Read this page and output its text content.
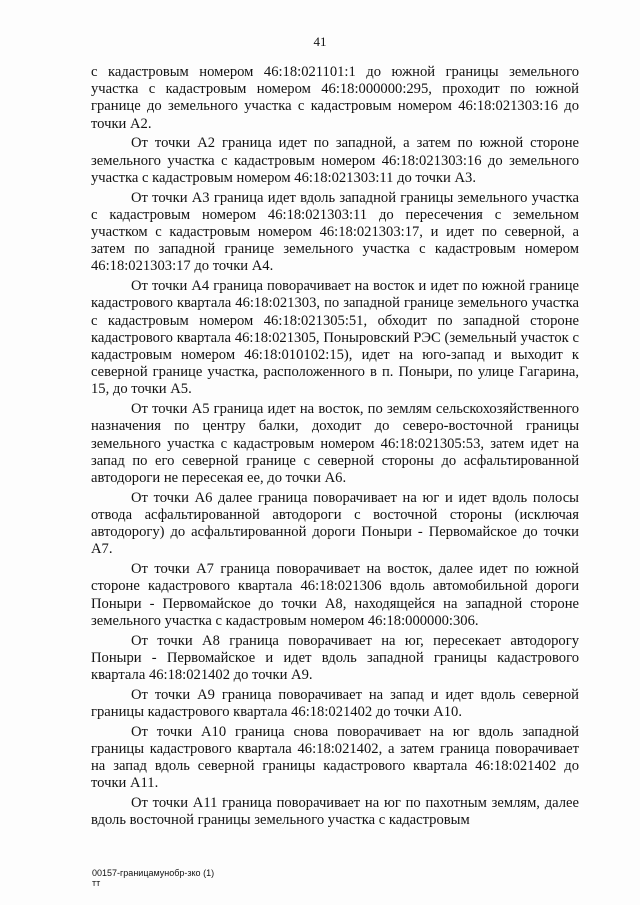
41

с кадастровым номером 46:18:021101:1 до южной границы земельного участка с кадастровым номером 46:18:000000:295, проходит по южной границе до земельного участка с кадастровым номером 46:18:021303:16 до точки А2.

От точки А2 граница идет по западной, а затем по южной стороне земельного участка с кадастровым номером 46:18:021303:16 до земельного участка с кадастровым номером 46:18:021303:11 до точки А3.

От точки А3 граница идет вдоль западной границы земельного участка с кадастровым номером 46:18:021303:11 до пересечения с земельном участком с кадастровым номером 46:18:021303:17, и идет по северной, а затем по западной границе земельного участка с кадастровым номером 46:18:021303:17 до точки А4.

От точки А4 граница поворачивает на восток и идет по южной границе кадастрового квартала 46:18:021303, по западной границе земельного участка с кадастровым номером 46:18:021305:51, обходит по западной стороне кадастрового квартала 46:18:021305, Поныровский РЭС (земельный участок с кадастровым номером 46:18:010102:15), идет на юго-запад и выходит к северной границе участка, расположенного в п. Поныри, по улице Гагарина, 15, до точки А5.

От точки А5 граница идет на восток, по землям сельскохозяйственного назначения по центру балки, доходит до северо-восточной границы земельного участка с кадастровым номером 46:18:021305:53, затем идет на запад по его северной границе с северной стороны до асфальтированной автодороги не пересекая ее, до точки А6.

От точки А6 далее граница поворачивает на юг и идет вдоль полосы отвода асфальтированной автодороги с восточной стороны (исключая автодорогу) до асфальтированной дороги Поныри - Первомайское до точки А7.

От точки А7 граница поворачивает на восток, далее идет по южной стороне кадастрового квартала 46:18:021306 вдоль автомобильной дороги Поныри - Первомайское до точки А8, находящейся на западной стороне земельного участка с кадастровым номером 46:18:000000:306.

От точки А8 граница поворачивает на юг, пересекает автодорогу Поныри - Первомайское и идет вдоль западной границы кадастрового квартала 46:18:021402 до точки А9.

От точки А9 граница поворачивает на запад и идет вдоль северной границы кадастрового квартала 46:18:021402 до точки А10.

От точки А10 граница снова поворачивает на юг вдоль западной границы кадастрового квартала 46:18:021402, а затем граница поворачивает на запад вдоль северной границы кадастрового квартала 46:18:021402 до точки А11.

От точки А11 граница поворачивает на юг по пахотным землям, далее вдоль восточной границы земельного участка с кадастровым

00157-границамунобр-зко (1)
тт
